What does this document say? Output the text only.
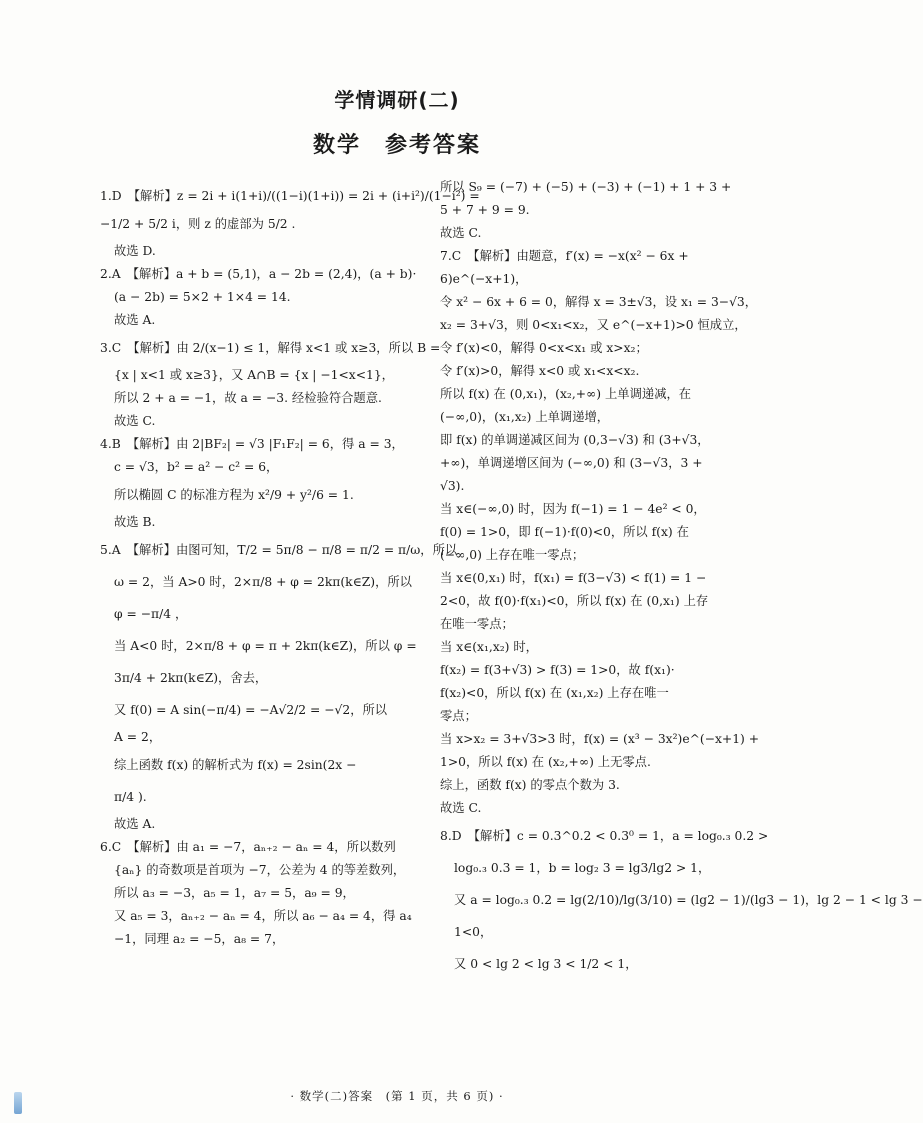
学情调研(二)
数学　参考答案
1.D　【解析】z = 2i + i(1+i)/((1−i)(1+i)) = 2i + (i+i²)/(1−i²) =
−1/2 + 5/2 i，则 z 的虚部为 5/2 .
故选 D.
2.A　【解析】a + b = (5,1)，a − 2b = (2,4)，(a + b)·
(a − 2b) = 5×2 + 1×4 = 14.
故选 A.
3.C　【解析】由 2/(x−1) ≤ 1，解得 x<1 或 x≥3，所以 B =
{x | x<1 或 x≥3}，又 A∩B = {x | −1<x<1}，
所以 2 + a = −1，故 a = −3. 经检验符合题意.
故选 C.
4.B　【解析】由 2|BF₂| = √3 |F₁F₂| = 6，得 a = 3，
c = √3，b² = a² − c² = 6，
所以椭圆 C 的标准方程为 x²/9 + y²/6 = 1.
故选 B.
5.A　【解析】由图可知，T/2 = 5π/8 − π/8 = π/2 = π/ω，所以
ω = 2，当 A>0 时，2×π/8 + φ = 2kπ(k∈Z)，所以
φ = −π/4 ，
当 A<0 时，2×π/8 + φ = π + 2kπ(k∈Z)，所以 φ =
3π/4 + 2kπ(k∈Z)，舍去，
又 f(0) = A sin(−π/4) = −A√2/2 = −√2，所以
A = 2，
综上函数 f(x) 的解析式为 f(x) = 2sin(2x −
π/4 ).
故选 A.
6.C　【解析】由 a₁ = −7，aₙ₊₂ − aₙ = 4，所以数列
{aₙ} 的奇数项是首项为 −7，公差为 4 的等差数列，
所以 a₃ = −3，a₅ = 1，a₇ = 5，a₉ = 9，
又 a₅ = 3，aₙ₊₂ − aₙ = 4，所以 a₆ − a₄ = 4，得 a₄
−1，同理 a₂ = −5，a₈ = 7，
所以 S₉ = (−7) + (−5) + (−3) + (−1) + 1 + 3 +
5 + 7 + 9 = 9.
故选 C.
7.C　【解析】由题意，f′(x) = −x(x² − 6x +
6)e^(−x+1)，
令 x² − 6x + 6 = 0，解得 x = 3±√3，设 x₁ = 3−√3，
x₂ = 3+√3，则 0<x₁<x₂，又 e^(−x+1)>0 恒成立，
令 f′(x)<0，解得 0<x<x₁ 或 x>x₂；
令 f′(x)>0，解得 x<0 或 x₁<x<x₂.
所以 f(x) 在 (0,x₁)，(x₂,+∞) 上单调递减，在
(−∞,0)，(x₁,x₂) 上单调递增，
即 f(x) 的单调递减区间为 (0,3−√3) 和 (3+√3，
+∞)，单调递增区间为 (−∞,0) 和 (3−√3，3 +
√3).
当 x∈(−∞,0) 时，因为 f(−1) = 1 − 4e² < 0，
f(0) = 1>0，即 f(−1)·f(0)<0，所以 f(x) 在
(−∞,0) 上存在唯一零点；
当 x∈(0,x₁) 时，f(x₁) = f(3−√3) < f(1) = 1 −
2<0，故 f(0)·f(x₁)<0，所以 f(x) 在 (0,x₁) 上存
在唯一零点；
当 x∈(x₁,x₂) 时，
f(x₂) = f(3+√3) > f(3) = 1>0，故 f(x₁)·
f(x₂)<0，所以 f(x) 在 (x₁,x₂) 上存在唯一
零点；
当 x>x₂ = 3+√3>3 时，f(x) = (x³ − 3x²)e^(−x+1) +
1>0，所以 f(x) 在 (x₂,+∞) 上无零点.
综上，函数 f(x) 的零点个数为 3.
故选 C.
8.D　【解析】c = 0.3^0.2 < 0.3⁰ = 1，a = log₀.₃ 0.2 >
log₀.₃ 0.3 = 1，b = log₂ 3 = lg3/lg2 > 1，
又 a = log₀.₃ 0.2 = lg(2/10)/lg(3/10) = (lg2 − 1)/(lg3 − 1)，lg 2 − 1 < lg 3 −
1<0，
又 0 < lg 2 < lg 3 < 1/2 < 1，
· 数学(二)答案　(第 1 页，共 6 页) ·
